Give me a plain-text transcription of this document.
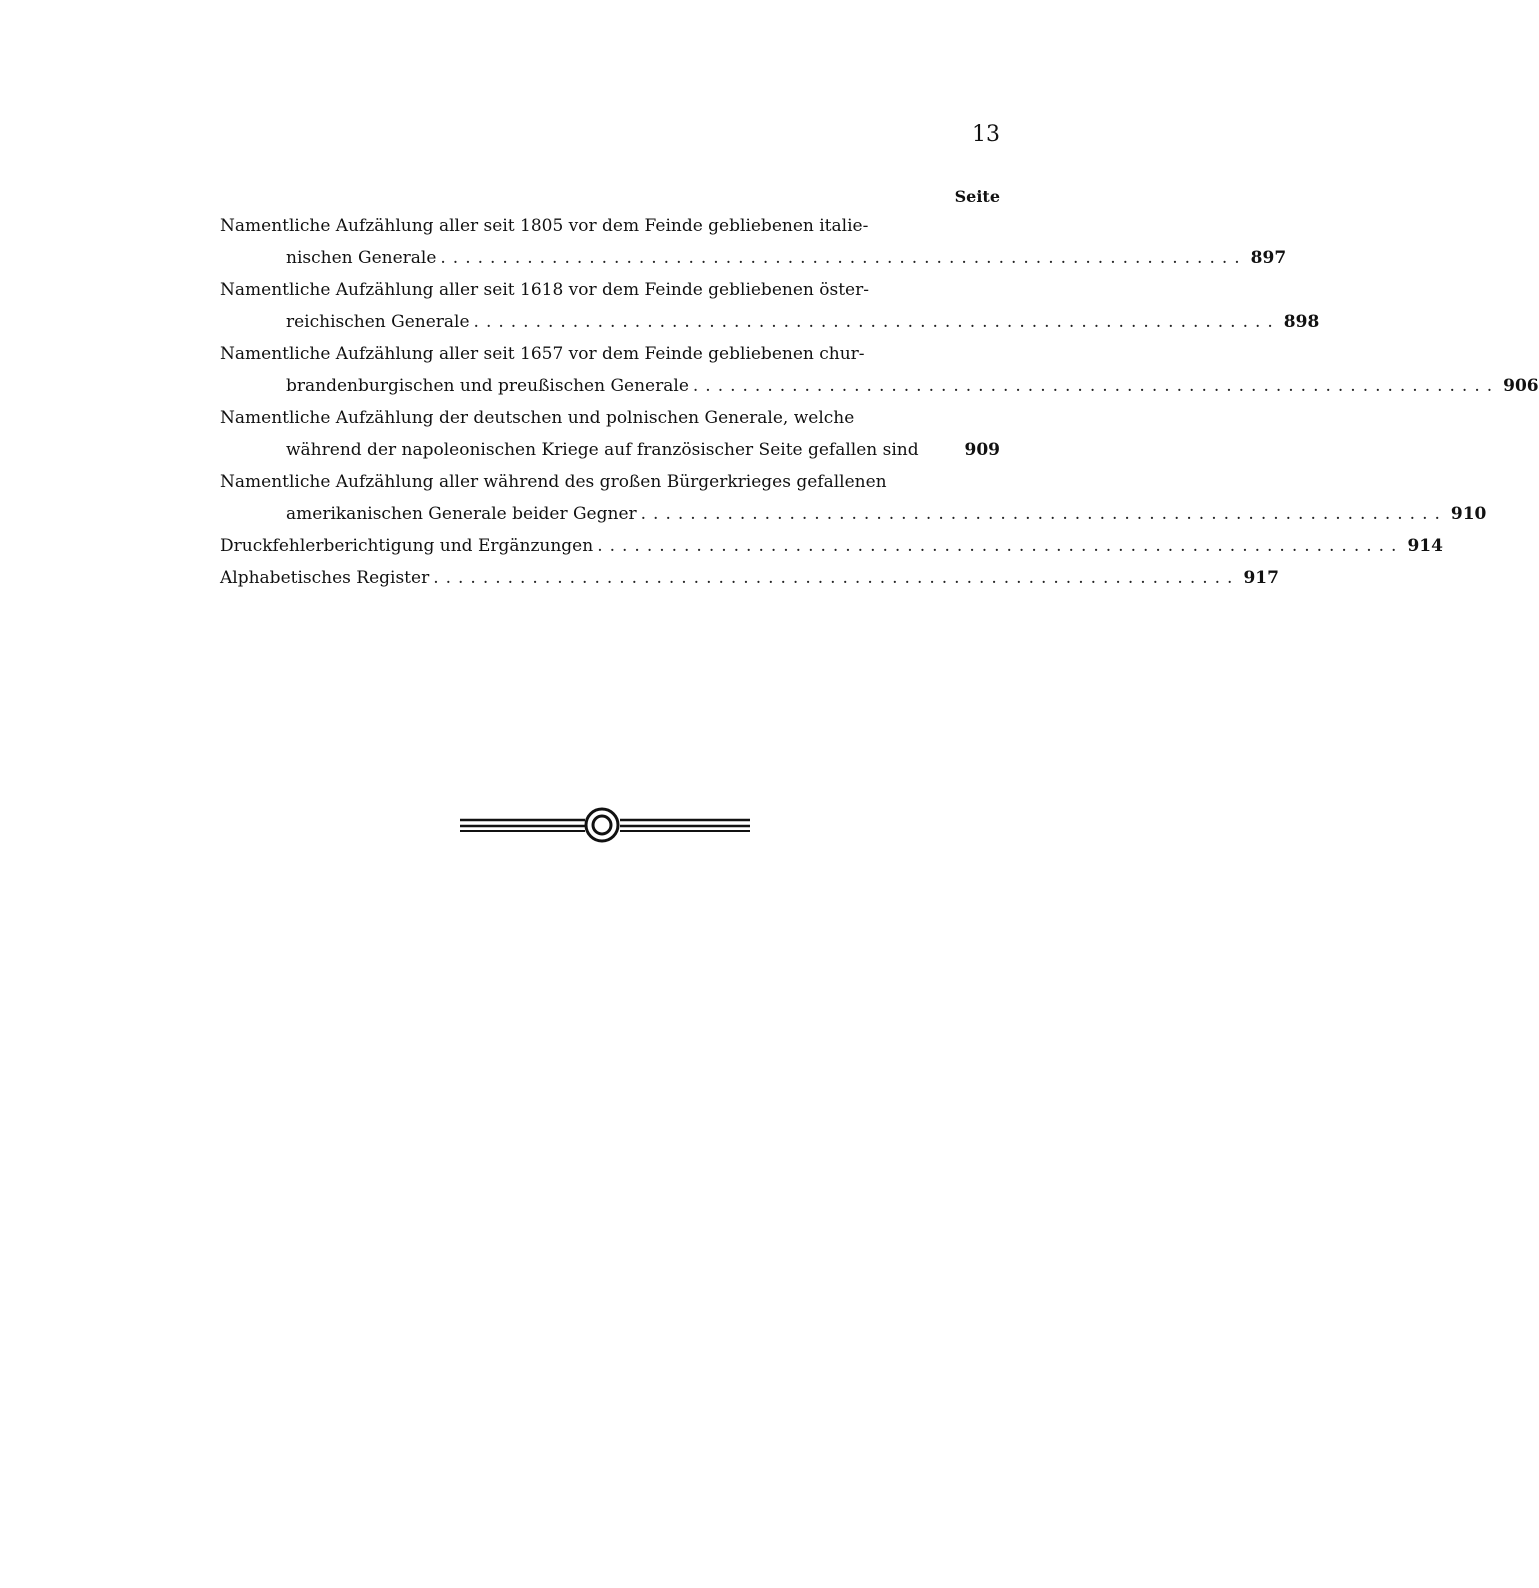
13
Seite
Namentliche Aufzählung aller seit 1805 vor dem Feinde gebliebenen italie-
nischen Generale ................................................................. 897
Namentliche Aufzählung aller seit 1618 vor dem Feinde gebliebenen öster-
reichischen Generale ................................................................. 898
Namentliche Aufzählung aller seit 1657 vor dem Feinde gebliebenen chur-
brandenburgischen und preußischen Generale ................................................................. 906
Namentliche Aufzählung der deutschen und polnischen Generale, welche
während der napoleonischen Kriege auf französischer Seite gefallen sind	909
Namentliche Aufzählung aller während des großen Bürgerkrieges gefallenen
amerikanischen Generale beider Gegner ................................................................. 910
Druckfehlerberichtigung und Ergänzungen ................................................................. 914
Alphabetisches Register ................................................................. 917
